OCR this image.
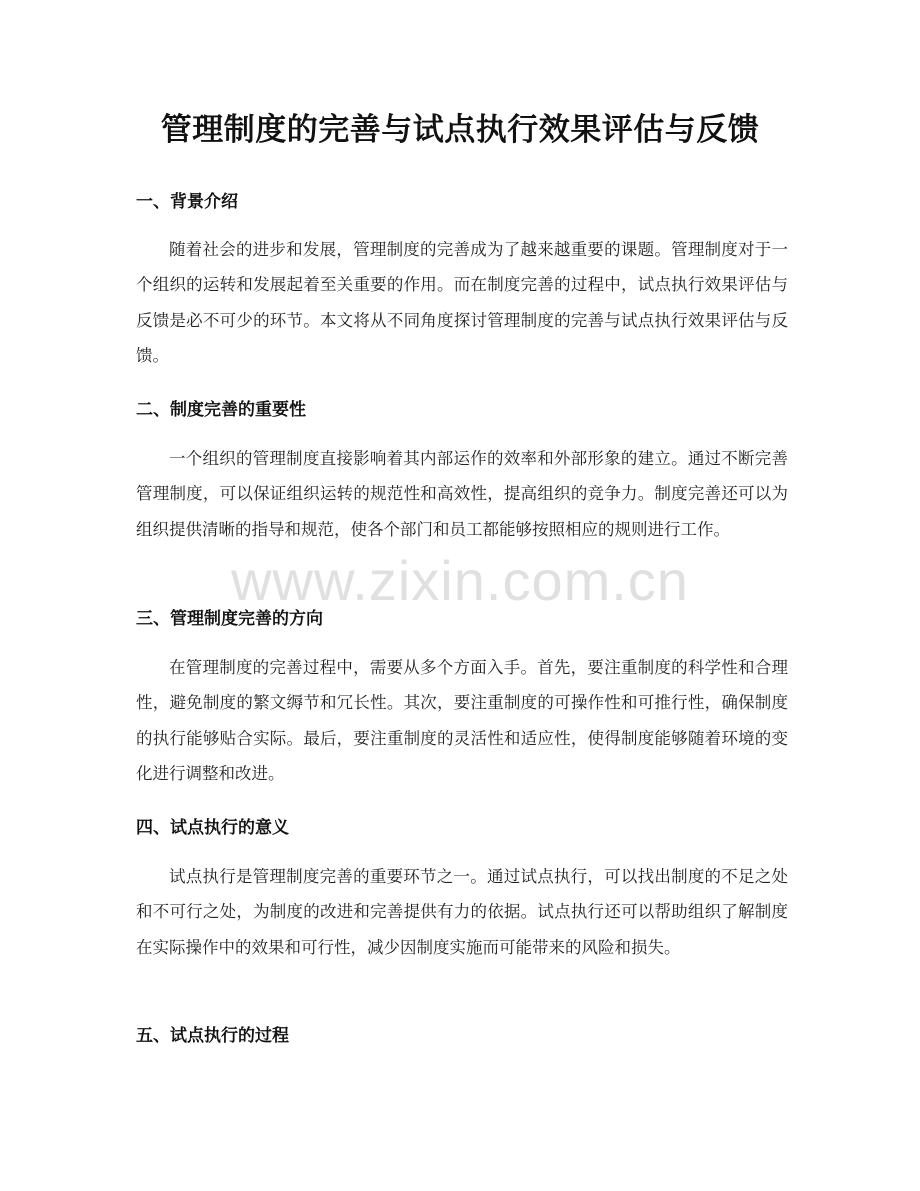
管理制度的完善与试点执行效果评估与反馈
一、背景介绍

随着社会的进步和发展，管理制度的完善成为了越来越重要的课题。管理制度对于一个组织的运转和发展起着至关重要的作用。而在制度完善的过程中，试点执行效果评估与反馈是必不可少的环节。本文将从不同角度探讨管理制度的完善与试点执行效果评估与反馈。

二、制度完善的重要性

一个组织的管理制度直接影响着其内部运作的效率和外部形象的建立。通过不断完善管理制度，可以保证组织运转的规范性和高效性，提高组织的竞争力。制度完善还可以为组织提供清晰的指导和规范，使各个部门和员工都能够按照相应的规则进行工作。

三、管理制度完善的方向

在管理制度的完善过程中，需要从多个方面入手。首先，要注重制度的科学性和合理性，避免制度的繁文缛节和冗长性。其次，要注重制度的可操作性和可推行性，确保制度的执行能够贴合实际。最后，要注重制度的灵活性和适应性，使得制度能够随着环境的变化进行调整和改进。

四、试点执行的意义

试点执行是管理制度完善的重要环节之一。通过试点执行，可以找出制度的不足之处和不可行之处，为制度的改进和完善提供有力的依据。试点执行还可以帮助组织了解制度在实际操作中的效果和可行性，减少因制度实施而可能带来的风险和损失。

五、试点执行的过程
www.zixin.com.cn
